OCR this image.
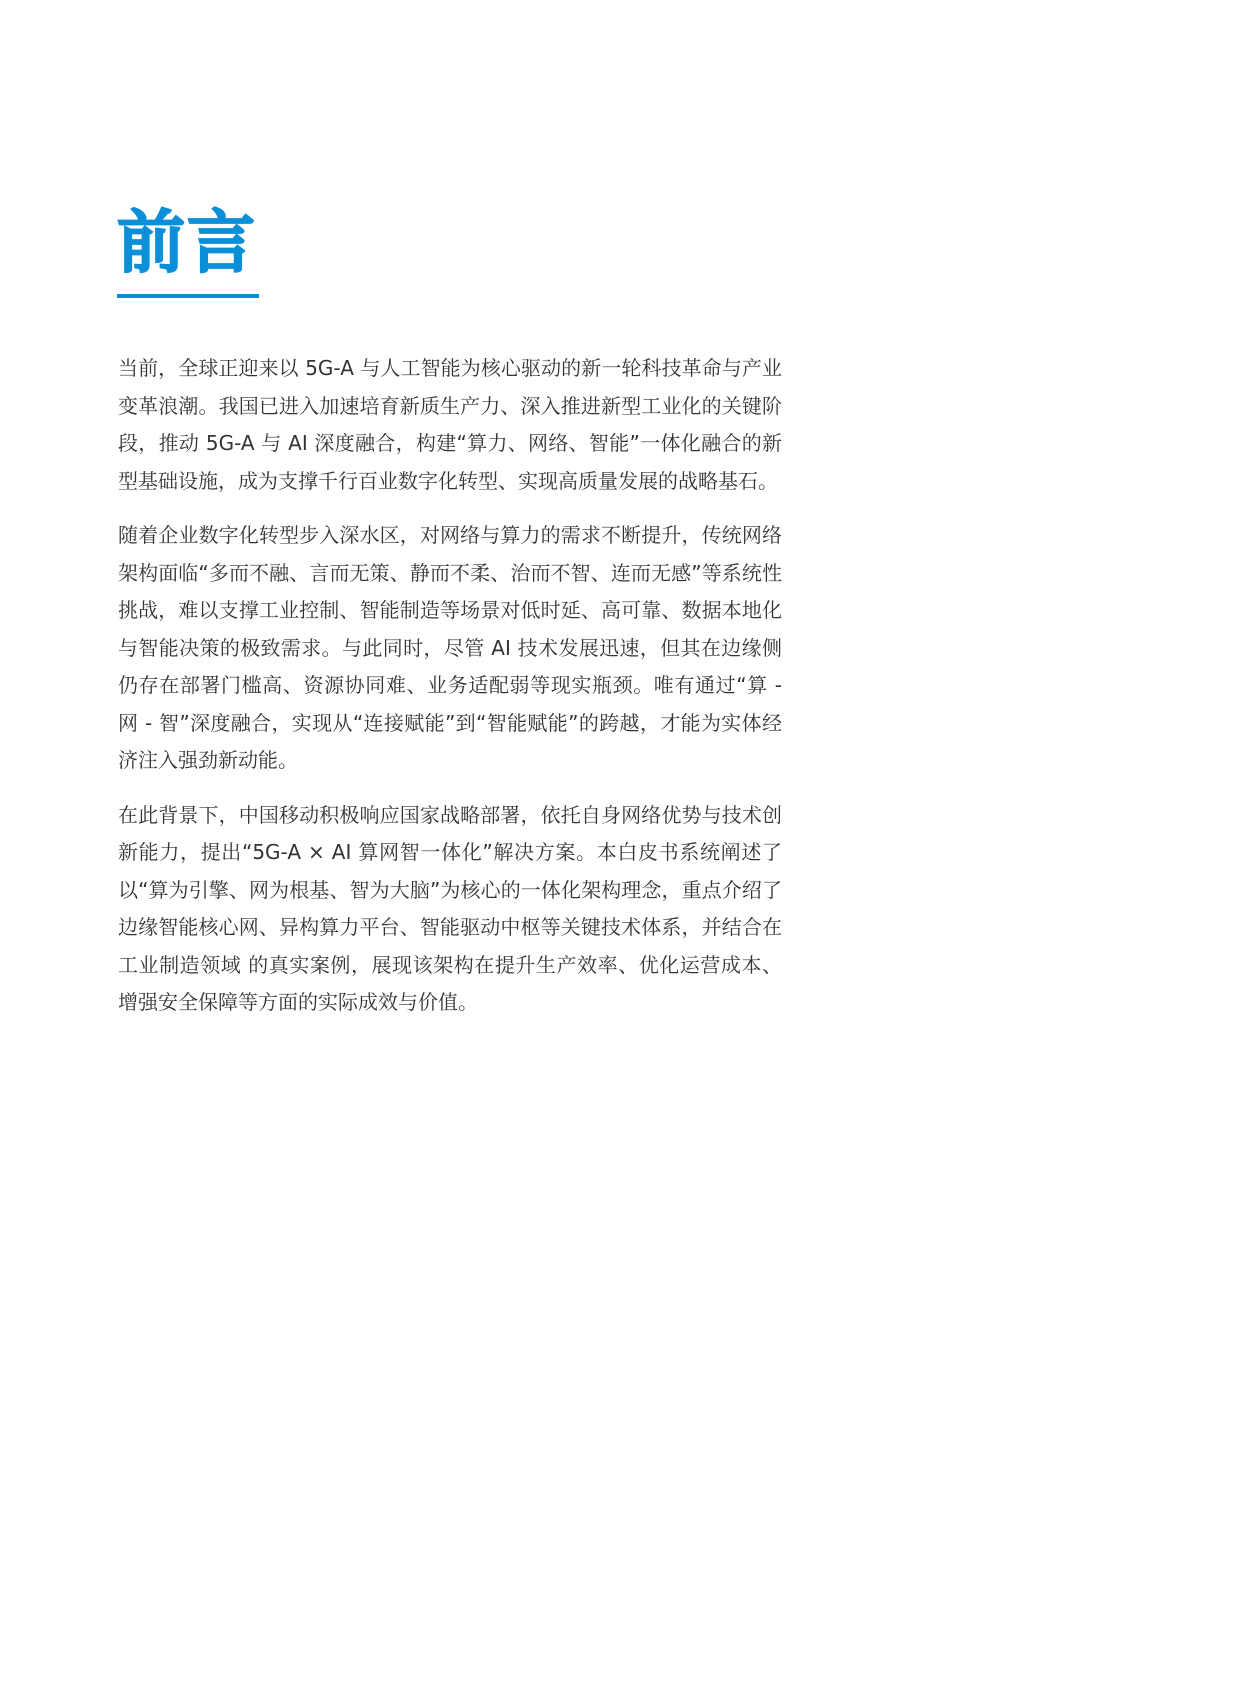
前言

当前，全球正迎来以 5G-A 与人工智能为核心驱动的新一轮科技革命与产业变革浪潮。我国已进入加速培育新质生产力、深入推进新型工业化的关键阶段，推动 5G-A 与 AI 深度融合，构建“算力、网络、智能”一体化融合的新型基础设施，成为支撑千行百业数字化转型、实现高质量发展的战略基石。

随着企业数字化转型步入深水区，对网络与算力的需求不断提升，传统网络架构面临“多而不融、言而无策、静而不柔、治而不智、连而无感”等系统性挑战，难以支撑工业控制、智能制造等场景对低时延、高可靠、数据本地化与智能决策的极致需求。与此同时，尽管 AI 技术发展迅速，但其在边缘侧仍存在部署门槛高、资源协同难、业务适配弱等现实瓶颈。唯有通过“算 - 网 - 智”深度融合，实现从“连接赋能”到“智能赋能”的跨越，才能为实体经济注入强劲新动能。

在此背景下，中国移动积极响应国家战略部署，依托自身网络优势与技术创新能力，提出“5G-A × AI 算网智一体化”解决方案。本白皮书系统阐述了以“算为引擎、网为根基、智为大脑”为核心的一体化架构理念，重点介绍了边缘智能核心网、异构算力平台、智能驱动中枢等关键技术体系，并结合在工业制造领域 的真实案例，展现该架构在提升生产效率、优化运营成本、增强安全保障等方面的实际成效与价值。
